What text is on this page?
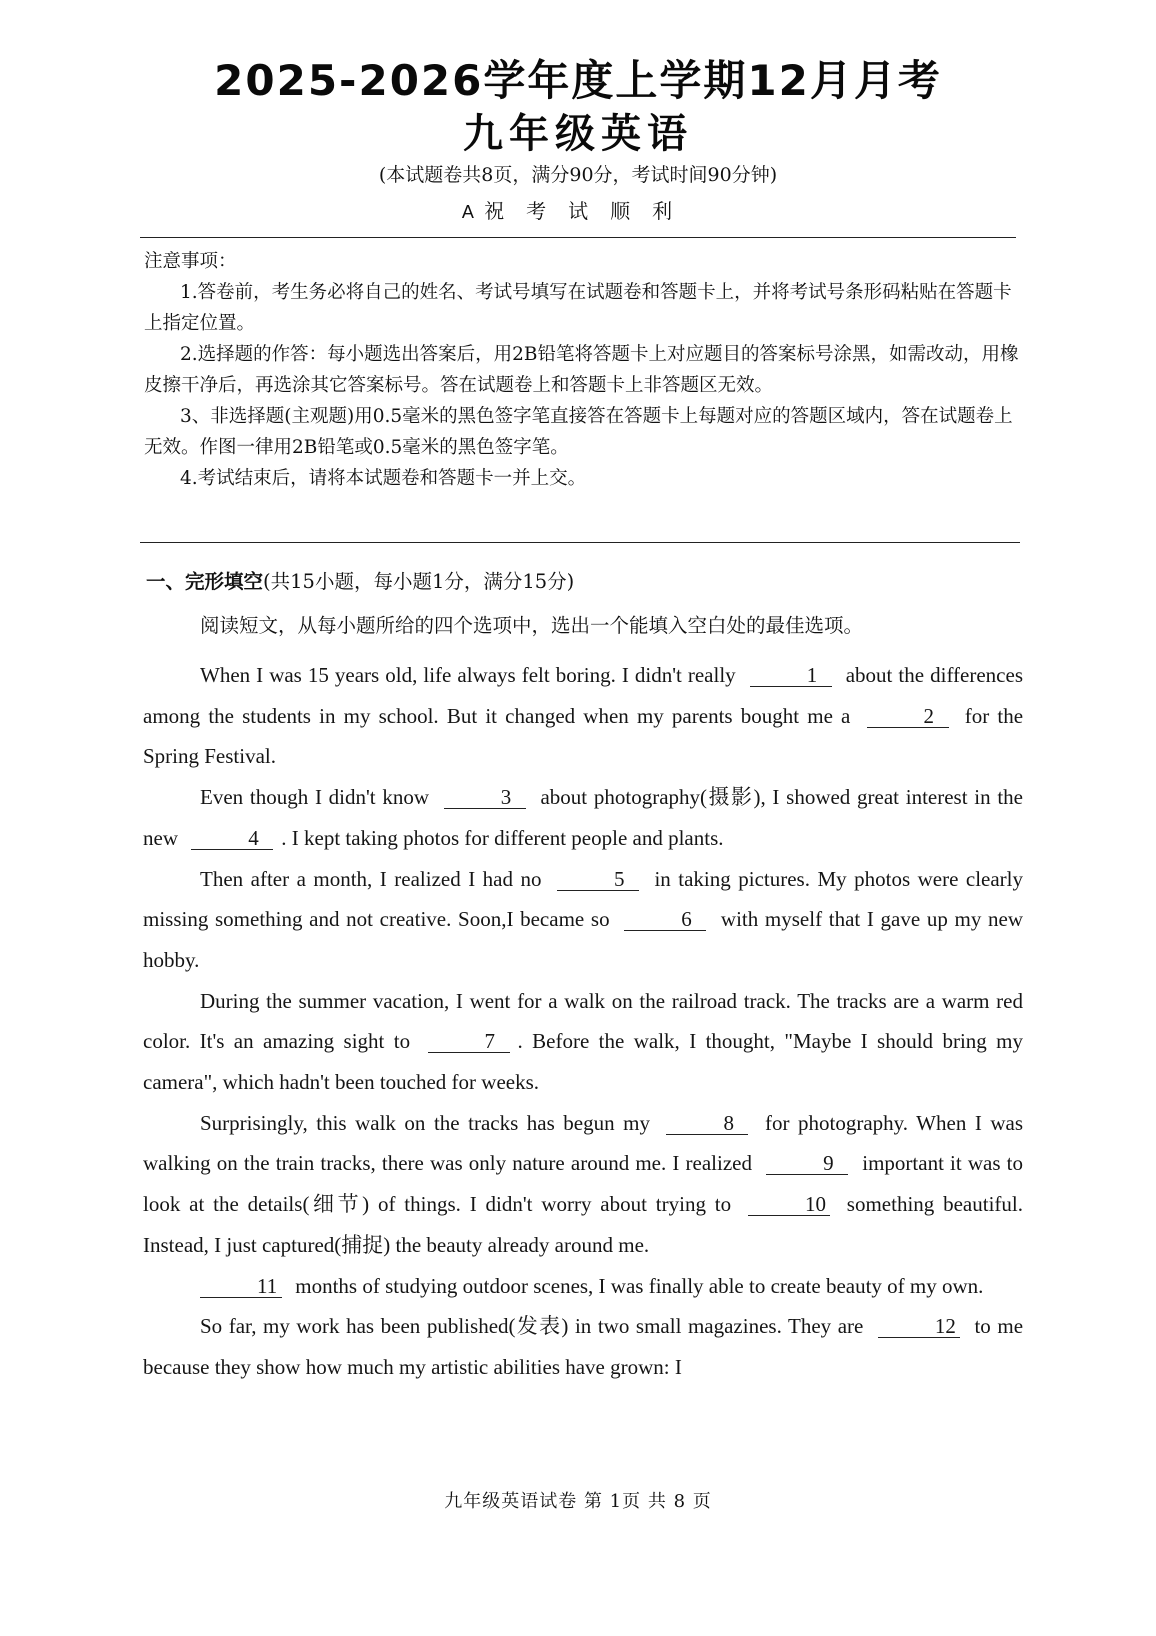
2025-2026学年度上学期12月月考
九年级英语
(本试题卷共8页，满分90分，考试时间90分钟)
A 祝考试顺利

注意事项：

1.答卷前，考生务必将自己的姓名、考试号填写在试题卷和答题卡上，并将考试号条形码粘贴在答题卡上指定位置。

2.选择题的作答：每小题选出答案后，用2B铅笔将答题卡上对应题目的答案标号涂黑，如需改动，用橡皮擦干净后，再选涂其它答案标号。答在试题卷上和答题卡上非答题区无效。

3、非选择题(主观题)用0.5毫米的黑色签字笔直接答在答题卡上每题对应的答题区域内，答在试题卷上无效。作图一律用2B铅笔或0.5毫米的黑色签字笔。

4.考试结束后，请将本试题卷和答题卡一并上交。

一、完形填空(共15小题，每小题1分，满分15分)
阅读短文，从每小题所给的四个选项中，选出一个能填入空白处的最佳选项。

When I was 15 years old, life always felt boring. I didn't really	1 about the differences among the students in my school. But it changed when my parents bought me a	2 for the Spring Festival.

Even though I didn't know	3 about photography(摄影), I showed great interest in the new	4 . I kept taking photos for different people and plants.

Then after a month, I realized I had no	5 in taking pictures. My photos were clearly missing something and not creative. Soon,I became so	6 with myself that I gave up my new hobby.

During the summer vacation, I went for a walk on the railroad track. The tracks are a warm red color. It's an amazing sight to	7 . Before the walk, I thought, "Maybe I should bring my camera", which hadn't been touched for weeks.

Surprisingly, this walk on the tracks has begun my	8 for photography. When I was walking on the train tracks, there was only nature around me. I realized	9 important it was to look at the details(细节) of things. I didn't worry about trying to	10 something beautiful. Instead, I just captured(捕捉) the beauty already around me.

11 months of studying outdoor scenes, I was finally able to create beauty of my own.

So far, my work has been published(发表) in two small magazines. They are	12 to me because they show how much my artistic abilities have grown: I

九年级英语试卷 第 1页 共 8 页
